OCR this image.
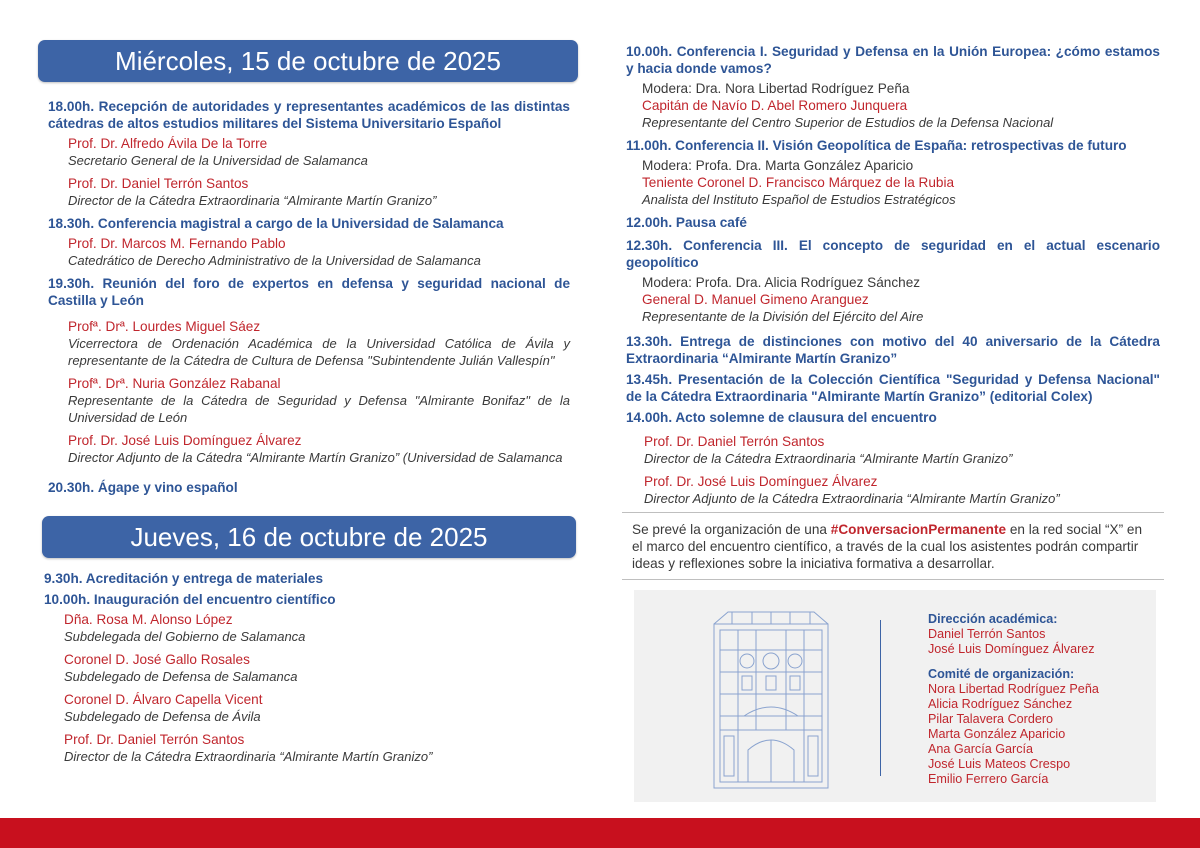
Miércoles, 15 de octubre de 2025
18.00h. Recepción de autoridades y representantes académicos de las distintas cátedras de altos estudios militares del Sistema Universitario Español
Prof. Dr. Alfredo Ávila De la Torre
Secretario General de la Universidad de Salamanca
Prof. Dr. Daniel Terrón Santos
Director de la Cátedra Extraordinaria “Almirante Martín Granizo”
18.30h. Conferencia magistral a cargo de la Universidad de Salamanca
Prof. Dr. Marcos M. Fernando Pablo
Catedrático de Derecho Administrativo de la Universidad de Salamanca
19.30h. Reunión del foro de expertos en defensa y seguridad nacional de Castilla y León
Profª. Drª. Lourdes Miguel Sáez
Vicerrectora de Ordenación Académica de la Universidad Católica de Ávila y representante de la Cátedra de Cultura de Defensa "Subintendente Julián Vallespín"
Profª. Drª. Nuria González Rabanal
Representante de la Cátedra de Seguridad y Defensa "Almirante Bonifaz" de la Universidad de León
Prof. Dr. José Luis Domínguez Álvarez
Director Adjunto de la Cátedra “Almirante Martín Granizo” (Universidad de Salamanca
20.30h. Ágape y vino español
Jueves, 16 de octubre de 2025
9.30h. Acreditación y entrega de materiales
10.00h. Inauguración del encuentro científico
Dña. Rosa M. Alonso López
Subdelegada del Gobierno de Salamanca
Coronel D. José Gallo Rosales
Subdelegado de Defensa de Salamanca
Coronel D. Álvaro Capella Vicent
Subdelegado de Defensa de Ávila
Prof. Dr. Daniel Terrón Santos
Director de la Cátedra Extraordinaria “Almirante Martín Granizo”
10.00h. Conferencia I. Seguridad y Defensa en la Unión Europea: ¿cómo estamos y hacia donde vamos?
Modera: Dra. Nora Libertad Rodríguez Peña
Capitán de Navío D. Abel Romero Junquera
Representante del Centro Superior de Estudios de la Defensa Nacional
11.00h. Conferencia II. Visión Geopolítica de España: retrospectivas de futuro
Modera: Profa. Dra. Marta González Aparicio
Teniente Coronel D. Francisco Márquez de la Rubia
Analista del Instituto Español de Estudios Estratégicos
12.00h. Pausa café
12.30h. Conferencia III. El concepto de seguridad en el actual escenario geopolítico
Modera: Profa. Dra. Alicia Rodríguez Sánchez
General D. Manuel Gimeno Aranguez
Representante de la División del Ejército del Aire
13.30h. Entrega de distinciones con motivo del 40 aniversario de la Cátedra Extraordinaria “Almirante Martín Granizo”
13.45h. Presentación de la Colección Científica "Seguridad y Defensa Nacional" de la Cátedra Extraordinaria "Almirante Martín Granizo” (editorial Colex)
14.00h. Acto solemne de clausura del encuentro
Prof. Dr. Daniel Terrón Santos
Director de la Cátedra Extraordinaria “Almirante Martín Granizo”
Prof. Dr. José Luis Domínguez Álvarez
Director Adjunto de la Cátedra Extraordinaria “Almirante Martín Granizo”
Se prevé la organización de una #ConversacionPermanente en la red social “X” en el marco del encuentro científico, a través de la cual los asistentes podrán compartir ideas y reflexiones sobre la iniciativa formativa a desarrollar.
Dirección académica:
Daniel Terrón Santos
José Luis Domínguez Álvarez
Comité de organización:
Nora Libertad Rodríguez Peña
Alicia Rodríguez Sánchez
Pilar Talavera Cordero
Marta González Aparicio
Ana García García
José Luis Mateos Crespo
Emilio Ferrero García
